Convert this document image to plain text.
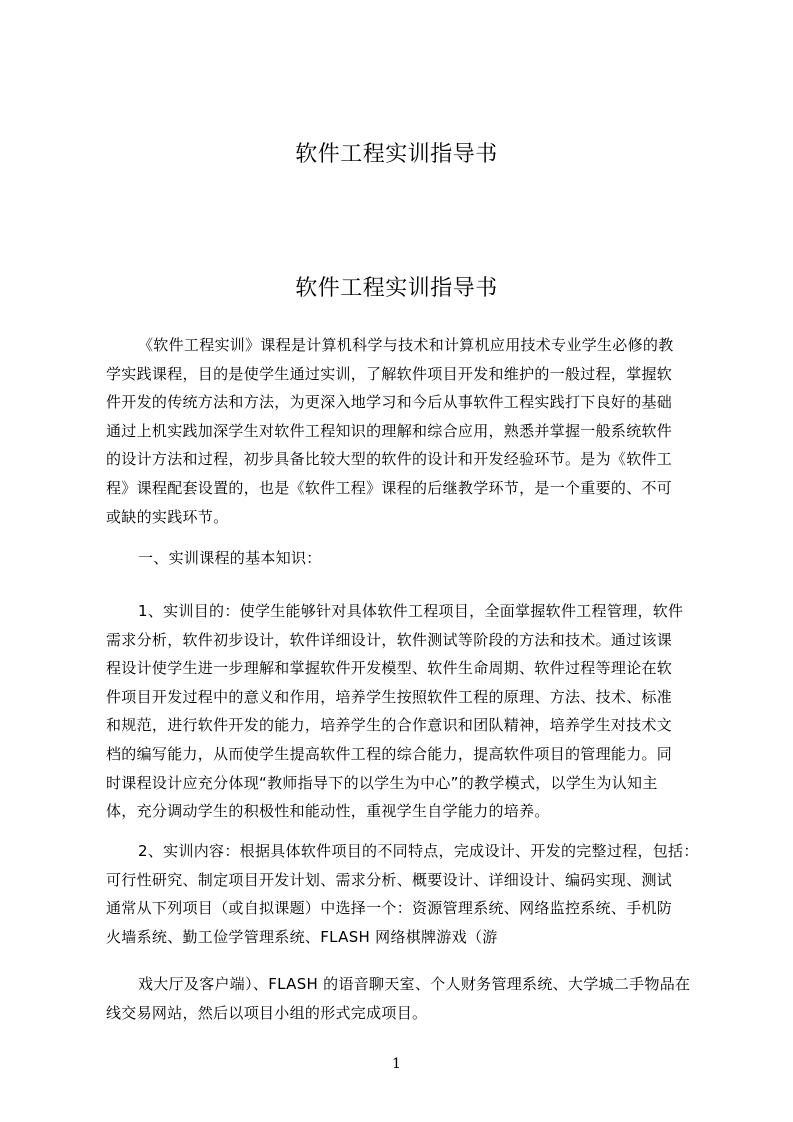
软件工程实训指导书
软件工程实训指导书
《软件工程实训》课程是计算机科学与技术和计算机应用技术专业学生必修的教
学实践课程，目的是使学生通过实训，了解软件项目开发和维护的一般过程，掌握软
件开发的传统方法和方法，为更深入地学习和今后从事软件工程实践打下良好的基础
通过上机实践加深学生对软件工程知识的理解和综合应用，熟悉并掌握一般系统软件
的设计方法和过程，初步具备比较大型的软件的设计和开发经验环节。是为《软件工
程》课程配套设置的，也是《软件工程》课程的后继教学环节，是一个重要的、不可
或缺的实践环节。
一、实训课程的基本知识：
1、实训目的：使学生能够针对具体软件工程项目，全面掌握软件工程管理，软件
需求分析，软件初步设计，软件详细设计，软件测试等阶段的方法和技术。通过该课
程设计使学生进一步理解和掌握软件开发模型、软件生命周期、软件过程等理论在软
件项目开发过程中的意义和作用，培养学生按照软件工程的原理、方法、技术、标准
和规范，进行软件开发的能力，培养学生的合作意识和团队精神，培养学生对技术文
档的编写能力，从而使学生提高软件工程的综合能力，提高软件项目的管理能力。同
时课程设计应充分体现“教师指导下的以学生为中心”的教学模式，以学生为认知主
体，充分调动学生的积极性和能动性，重视学生自学能力的培养。
2、实训内容：根据具体软件项目的不同特点，完成设计、开发的完整过程，包括：
可行性研究、制定项目开发计划、需求分析、概要设计、详细设计、编码实现、测试
通常从下列项目（或自拟课题）中选择一个：资源管理系统、网络监控系统、手机防
火墙系统、勤工俭学管理系统、FLASH 网络棋牌游戏（游
戏大厅及客户端）、FLASH 的语音聊天室、个人财务管理系统、大学城二手物品在
线交易网站，然后以项目小组的形式完成项目。
1
